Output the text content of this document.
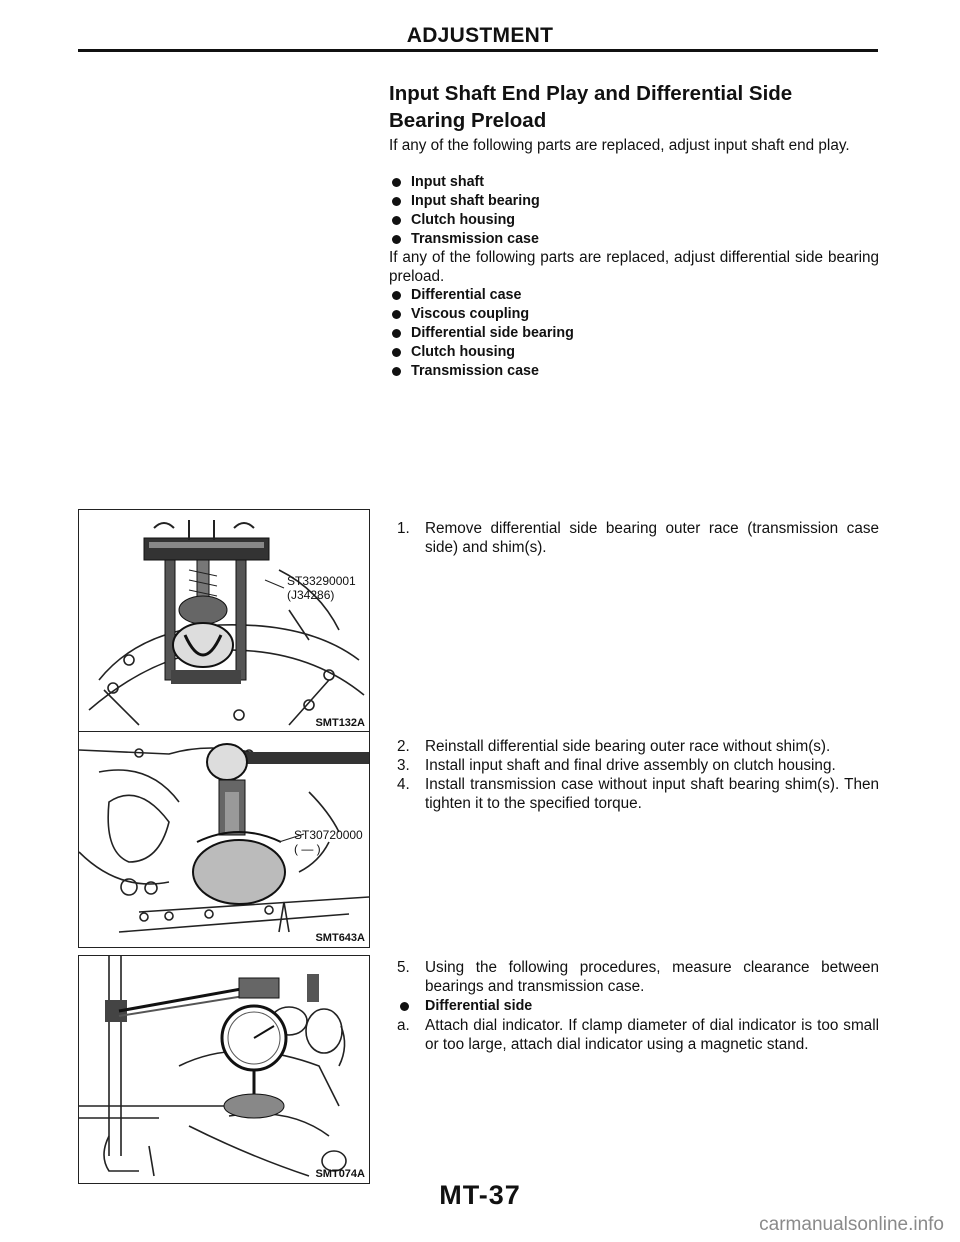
ADJUSTMENT
Input Shaft End Play and Differential Side Bearing Preload
If any of the following parts are replaced, adjust input shaft end play.
Input shaft
Input shaft bearing
Clutch housing
Transmission case
If any of the following parts are replaced, adjust differential side bearing preload.
Differential case
Viscous coupling
Differential side bearing
Clutch housing
Transmission case
1. Remove differential side bearing outer race (transmission case side) and shim(s).
2. Reinstall differential side bearing outer race without shim(s).
3. Install input shaft and final drive assembly on clutch housing.
4. Install transmission case without input shaft bearing shim(s). Then tighten it to the specified torque.
5. Using the following procedures, measure clearance between bearings and transmission case.
Differential side
a. Attach dial indicator. If clamp diameter of dial indicator is too small or too large, attach dial indicator using a magnetic stand.
ST33290001
(J34286)
SMT132A
ST30720000
( — )
SMT643A
SMT074A
MT-37
carmanualsonline.info
